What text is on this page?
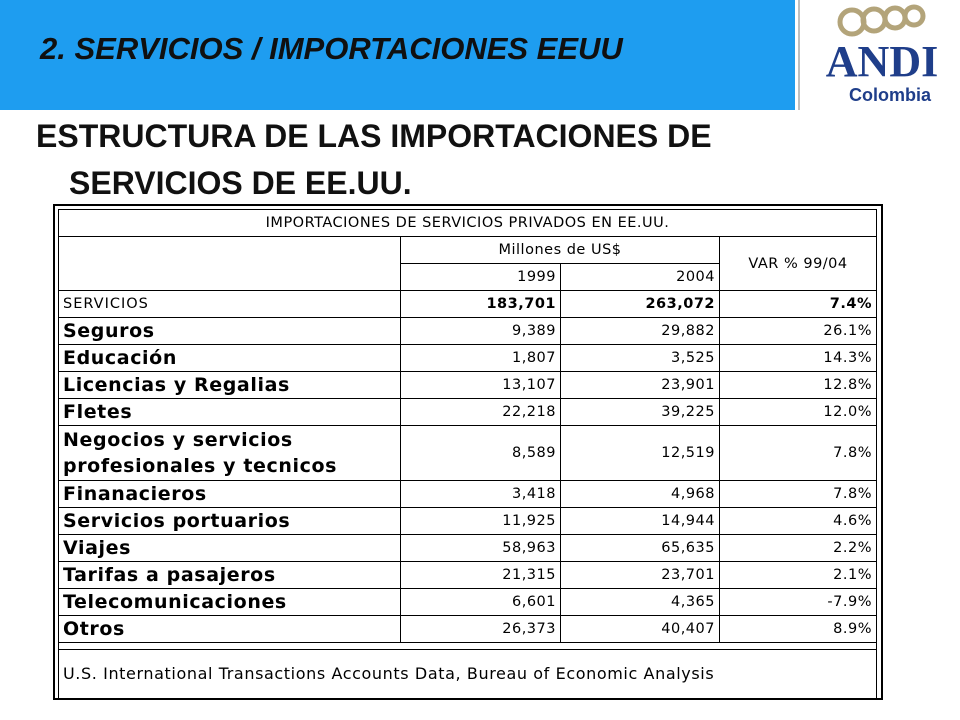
2. SERVICIOS / IMPORTACIONES EEUU	ANDI
Colombia
ESTRUCTURA DE LAS IMPORTACIONES DE
SERVICIOS DE EE.UU.
IMPORTACIONES DE SERVICIOS PRIVADOS EN EE.UU.			
	Millones de US$		VAR % 99/04
	1999	2004	
SERVICIOS	183,701	263,072	7.4%
Seguros	9,389	29,882	26.1%
Educación	1,807	3,525	14.3%
Licencias y Regalias	13,107	23,901	12.8%
Fletes	22,218	39,225	12.0%
Negocios y servicios profesionales y tecnicos	8,589	12,519	7.8%
Finanacieros	3,418	4,968	7.8%
Servicios portuarios	11,925	14,944	4.6%
Viajes	58,963	65,635	2.2%
Tarifas a pasajeros	21,315	23,701	2.1%
Telecomunicaciones	6,601	4,365	-7.9%
Otros	26,373	40,407	8.9%

U.S. International Transactions Accounts Data, Bureau of Economic Analysis			
